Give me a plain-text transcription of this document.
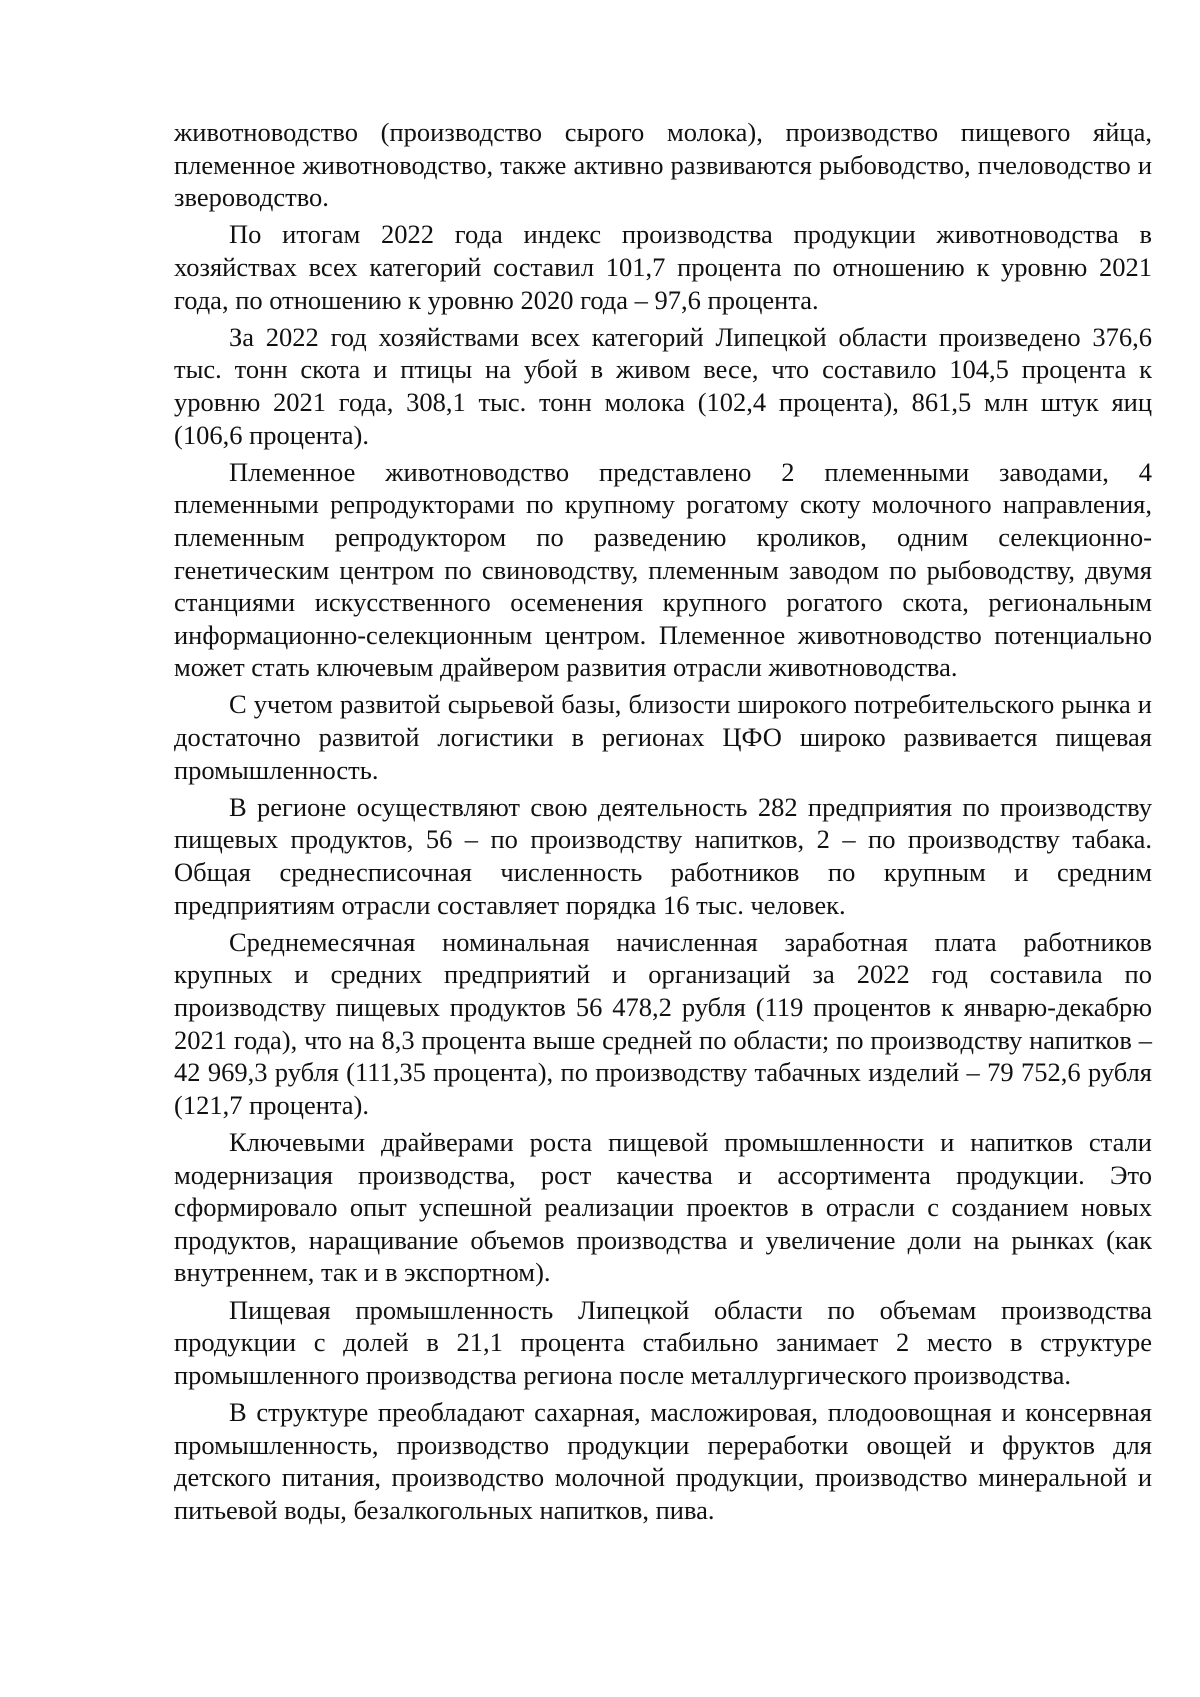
животноводство (производство сырого молока), производство пищевого яйца, племенное животноводство, также активно развиваются рыбоводство, пчеловодство и звероводство.

По итогам 2022 года индекс производства продукции животноводства в хозяйствах всех категорий составил 101,7 процента по отношению к уровню 2021 года, по отношению к уровню 2020 года – 97,6 процента.

За 2022 год хозяйствами всех категорий Липецкой области произведено 376,6 тыс. тонн скота и птицы на убой в живом весе, что составило 104,5 процента к уровню 2021 года, 308,1 тыс. тонн молока (102,4 процента), 861,5 млн штук яиц (106,6 процента).

Племенное животноводство представлено 2 племенными заводами, 4 племенными репродукторами по крупному рогатому скоту молочного направления, племенным репродуктором по разведению кроликов, одним селекционно-генетическим центром по свиноводству, племенным заводом по рыбоводству, двумя станциями искусственного осеменения крупного рогатого скота, региональным информационно-селекционным центром. Племенное животноводство потенциально может стать ключевым драйвером развития отрасли животноводства.

С учетом развитой сырьевой базы, близости широкого потребительского рынка и достаточно развитой логистики в регионах ЦФО широко развивается пищевая промышленность.

В регионе осуществляют свою деятельность 282 предприятия по производству пищевых продуктов, 56 – по производству напитков, 2 – по производству табака. Общая среднесписочная численность работников по крупным и средним предприятиям отрасли составляет порядка 16 тыс. человек.

Среднемесячная номинальная начисленная заработная плата работников крупных и средних предприятий и организаций за 2022 год составила по производству пищевых продуктов 56 478,2 рубля (119 процентов к январю-декабрю 2021 года), что на 8,3 процента выше средней по области; по производству напитков – 42 969,3 рубля (111,35 процента), по производству табачных изделий – 79 752,6 рубля (121,7 процента).

Ключевыми драйверами роста пищевой промышленности и напитков стали модернизация производства, рост качества и ассортимента продукции. Это сформировало опыт успешной реализации проектов в отрасли с созданием новых продуктов, наращивание объемов производства и увеличение доли на рынках (как внутреннем, так и в экспортном).

Пищевая промышленность Липецкой области по объемам производства продукции с долей в 21,1 процента стабильно занимает 2 место в структуре промышленного производства региона после металлургического производства.

В структуре преобладают сахарная, масложировая, плодоовощная и консервная промышленность, производство продукции переработки овощей и фруктов для детского питания, производство молочной продукции, производство минеральной и питьевой воды, безалкогольных напитков, пива.
